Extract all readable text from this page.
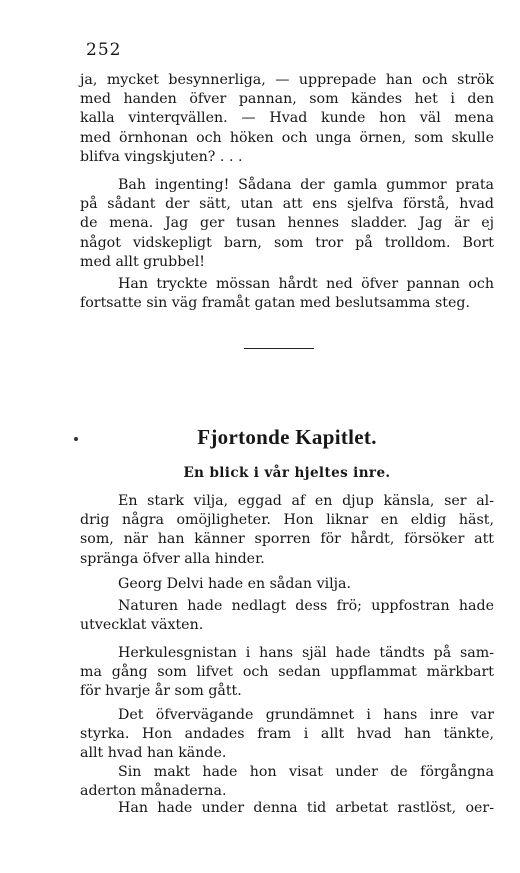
252
ja, mycket besynnerliga, — upprepade han och strök
med handen öfver pannan, som kändes het i den
kalla vinterqvällen. — Hvad kunde hon väl mena
med örnhonan och höken och unga örnen, som skulle
blifva vingskjuten? . . .
Bah ingenting! Sådana der gamla gummor prata
på sådant der sätt, utan att ens sjelfva förstå, hvad
de mena. Jag ger tusan hennes sladder. Jag är ej
något vidskepligt barn, som tror på trolldom. Bort
med allt grubbel!
Han tryckte mössan hårdt ned öfver pannan och
fortsatte sin väg framåt gatan med beslutsamma steg.
Fjortonde Kapitlet.
En blick i vår hjeltes inre.
En stark vilja, eggad af en djup känsla, ser al-
drig några omöjligheter. Hon liknar en eldig häst,
som, när han känner sporren för hårdt, försöker att
spränga öfver alla hinder.
Georg Delvi hade en sådan vilja.
Naturen hade nedlagt dess frö; uppfostran hade
utvecklat växten.
Herkulesgnistan i hans själ hade tändts på sam-
ma gång som lifvet och sedan uppflammat märkbart
för hvarje år som gått.
Det öfvervägande grundämnet i hans inre var
styrka. Hon andades fram i allt hvad han tänkte,
allt hvad han kände.
Sin makt hade hon visat under de förgångna
aderton månaderna.
Han hade under denna tid arbetat rastlöst, oer-
